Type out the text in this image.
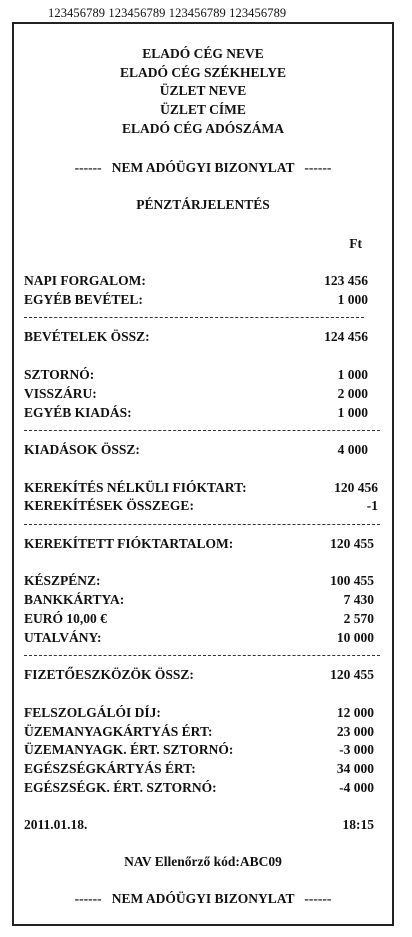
123456789 123456789 123456789 123456789
ELADÓ CÉG NEVE
ELADÓ CÉG SZÉKHELYE
ÜZLET NEVE
ÜZLET CÍME
ELADÓ CÉG ADÓSZÁMA
------   NEM ADÓÜGYI BIZONYLAT   ------
PÉNZTÁRJELENTÉS
Ft
NAPI FORGALOM:	123 456
EGYÉB BEVÉTEL:	1 000
BEVÉTELEK ÖSSZ:	124 456
SZTORNÓ:	1 000
VISSZÁRU:	2 000
EGYÉB KIADÁS:	1 000
KIADÁSOK ÖSSZ:	4 000
KEREKÍTÉS NÉLKÜLI FIÓKTART:	120 456
KEREKÍTÉSEK ÖSSZEGE:	-1
KEREKÍTETT FIÓKTARTALOM:	120 455
KÉSZPÉNZ:	100 455
BANKKÁRTYA:	7 430
EURÓ 10,00 €	2 570
UTALVÁNY:	10 000
FIZETŐESZKÖZÖK ÖSSZ:	120 455
FELSZOLGÁLÓI DÍJ:	12 000
ÜZEMANYAGKÁRTYÁS ÉRT:	23 000
ÜZEMANYAGK. ÉRT. SZTORNÓ:	-3 000
EGÉSZSÉGKÁRTYÁS ÉRT:	34 000
EGÉSZSÉGK. ÉRT. SZTORNÓ:	-4 000
2011.01.18.	18:15
NAV Ellenőrző kód:ABC09
------   NEM ADÓÜGYI BIZONYLAT   ------
